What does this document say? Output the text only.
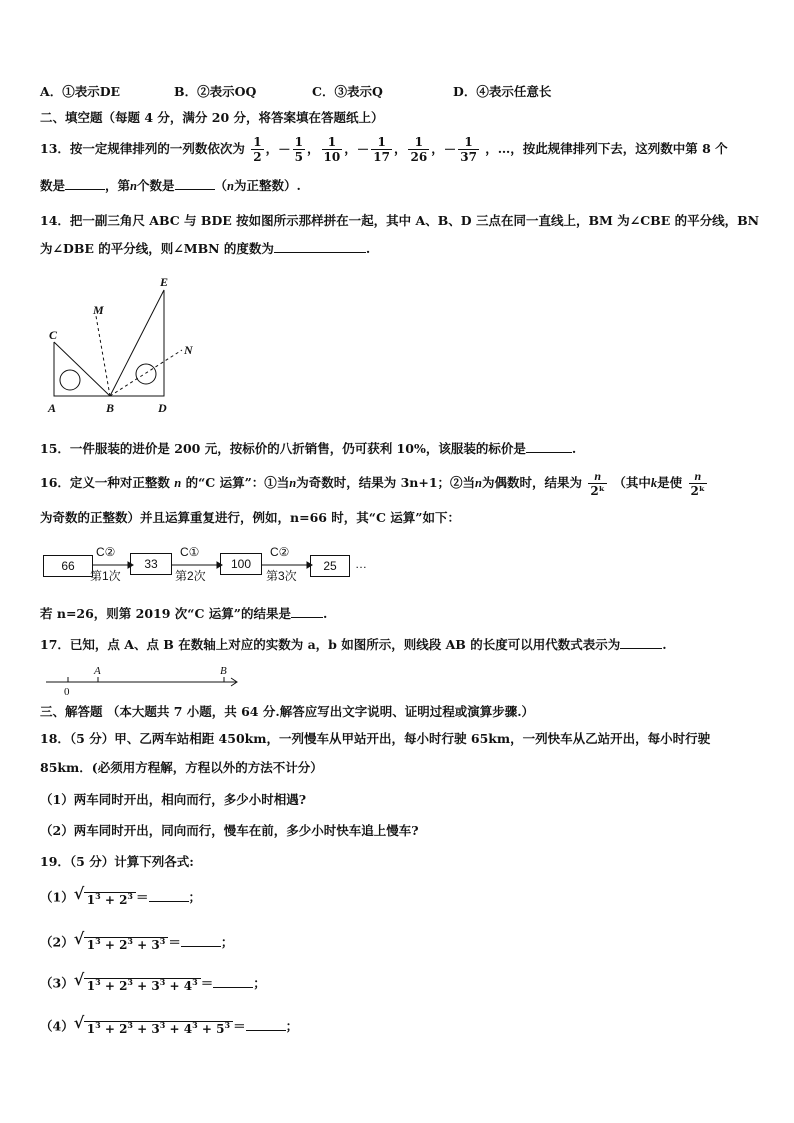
A．①表示DE	B．②表示OQ	C．③表示Q	D．④表示任意长
二、填空题（每题 4 分，满分 20 分，将答案填在答题纸上）
13．按一定规律排列的一列数依次为 $\frac{1}{2}$ ，－ $\frac{1}{5}$ ， $\frac{1}{10}$ ，－ $\frac{1}{17}$ ， $\frac{1}{26}$ ，－ $\frac{1}{37}$ ，…，按此规律排列下去，这列数中第 8 个
数是	，第n个数是	（n为正整数）.
14．把一副三角尺 ABC 与 BDE 按如图所示那样拼在一起，其中 A、B、D 三点在同一直线上，BM 为∠CBE 的平分线，BN
为∠DBE 的平分线，则∠MBN 的度数为	.
E
M
C
N
A	B	D
15．一件服装的进价是 200 元，按标价的八折销售，仍可获利 10%，该服装的标价是	.
16．定义一种对正整数 n 的“C 运算”：①当n为奇数时，结果为 3n+1；②当n为偶数时，结果为 $\frac{n}{\text{2ᵏ}}$ （其中k是使 $\frac{n}{\text{2ᵏ}}$
为奇数的正整数）并且运算重复进行，例如，n=66 时，其“C 运算”如下：
66	33	100	25
C②	C①	C②
第1次	第2次	第3次
…
若 n=26，则第 2019 次“C 运算”的结果是	.
17．已知，点 A、点 B 在数轴上对应的实数为 a，b 如图所示，则线段 AB 的长度可以用代数式表示为	.
A	B
0
三、解答题 （本大题共 7 小题，共 64 分.解答应写出文字说明、证明过程或演算步骤.）
18．（5 分）甲、乙两车站相距 450km，一列慢车从甲站开出，每小时行驶 65km，一列快车从乙站开出，每小时行驶
85km．(必须用方程解，方程以外的方法不计分）
（1）两车同时开出，相向而行，多少小时相遇?
（2）两车同时开出，同向而行，慢车在前，多少小时快车追上慢车?
19．（5 分）计算下列各式:
（1） √ $1^3 + 2^3$ ＝	；
（2） √ $1^3 + 2^3 + 3^3$ ＝	；
（3） √ $1^3 + 2^3 + 3^3 + 4^3$ ＝	；
（4） √ $1^3 + 2^3 + 3^3 + 4^3 + 5^3$ ＝	；
